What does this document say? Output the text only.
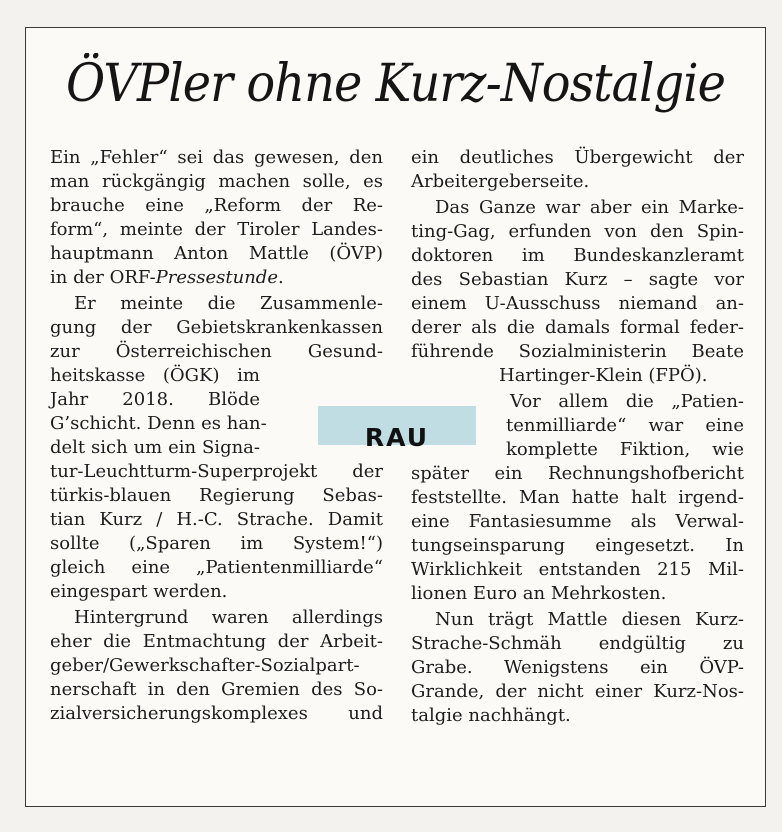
ÖVPler ohne Kurz-Nostalgie
Ein „Fehler“ sei das gewesen, den
man rückgängig machen solle, es
brauche eine „Reform der Re-
form“, meinte der Tiroler Landes-
hauptmann Anton Mattle (ÖVP)
in der ORF-Pressestunde.
Er meinte die Zusammenle-
gung der Gebietskrankenkassen
zur Österreichischen Gesund-
heitskasse (ÖGK) im
Jahr 2018. Blöde
G’schicht. Denn es han-
delt sich um ein Signa-
tur-Leuchtturm-Superprojekt der
türkis-blauen Regierung Sebas-
tian Kurz / H.-C. Strache. Damit
sollte („Sparen im System!“)
gleich eine „Patientenmilliarde“
eingespart werden.
Hintergrund waren allerdings
eher die Entmachtung der Arbeit-
geber/Gewerkschafter-Sozialpart-
nerschaft in den Gremien des So-
zialversicherungskomplexes und
ein deutliches Übergewicht der
Arbeitergeberseite.
Das Ganze war aber ein Marke-
ting-Gag, erfunden von den Spin-
doktoren im Bundeskanzleramt
des Sebastian Kurz – sagte vor
einem U-Ausschuss niemand an-
derer als die damals formal feder-
führende Sozialministerin Beate
Hartinger-Klein (FPÖ).
Vor allem die „Patien-
tenmilliarde“ war eine
komplette Fiktion, wie
später ein Rechnungshofbericht
feststellte. Man hatte halt irgend-
eine Fantasiesumme als Verwal-
tungseinsparung eingesetzt. In
Wirklichkeit entstanden 215 Mil-
lionen Euro an Mehrkosten.
Nun trägt Mattle diesen Kurz-
Strache-Schmäh endgültig zu
Grabe. Wenigstens ein ÖVP-
Grande, der nicht einer Kurz-Nos-
talgie nachhängt.
RAU
